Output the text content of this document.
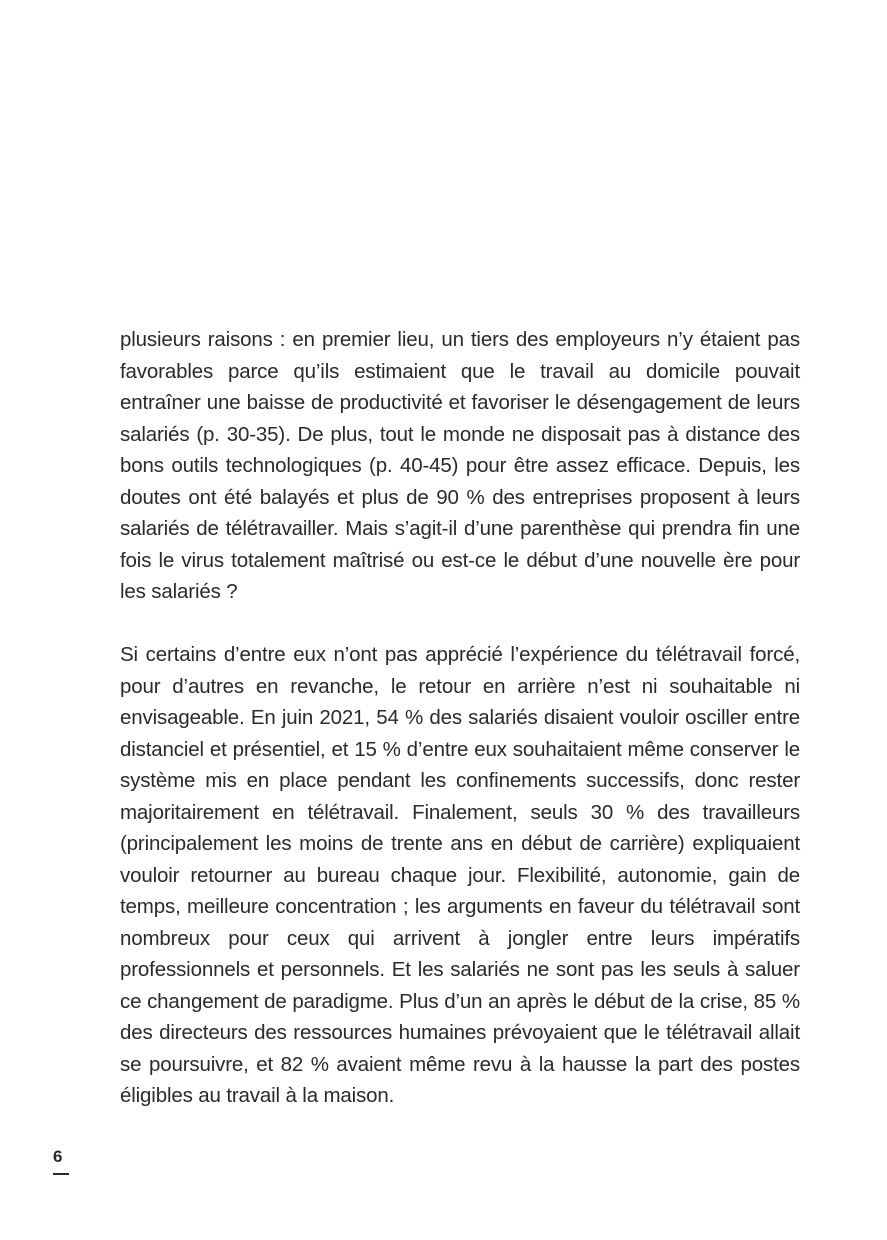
plusieurs raisons : en premier lieu, un tiers des employeurs n’y étaient pas favorables parce qu’ils estimaient que le travail au domicile pouvait entraîner une baisse de productivité et favoriser le désengagement de leurs salariés (p. 30-35). De plus, tout le monde ne disposait pas à distance des bons outils technologiques (p. 40-45) pour être assez efficace. Depuis, les doutes ont été balayés et plus de 90 % des entreprises proposent à leurs salariés de télétravailler. Mais s’agit-il d’une parenthèse qui prendra fin une fois le virus totalement maîtrisé ou est-ce le début d’une nouvelle ère pour les salariés ?
Si certains d’entre eux n’ont pas apprécié l’expérience du télétravail forcé, pour d’autres en revanche, le retour en arrière n’est ni souhaitable ni envisageable. En juin 2021, 54 % des salariés disaient vouloir osciller entre distanciel et présentiel, et 15 % d’entre eux souhaitaient même conserver le système mis en place pendant les confinements successifs, donc rester majoritairement en télétravail. Finalement, seuls 30 % des travailleurs (principalement les moins de trente ans en début de carrière) expliquaient vouloir retourner au bureau chaque jour. Flexibilité, autonomie, gain de temps, meilleure concentration ; les arguments en faveur du télétravail sont nombreux pour ceux qui arrivent à jongler entre leurs impératifs professionnels et personnels. Et les salariés ne sont pas les seuls à saluer ce changement de paradigme. Plus d’un an après le début de la crise, 85 % des directeurs des ressources humaines prévoyaient que le télétravail allait se poursuivre, et 82 % avaient même revu à la hausse la part des postes éligibles au travail à la maison.
6
